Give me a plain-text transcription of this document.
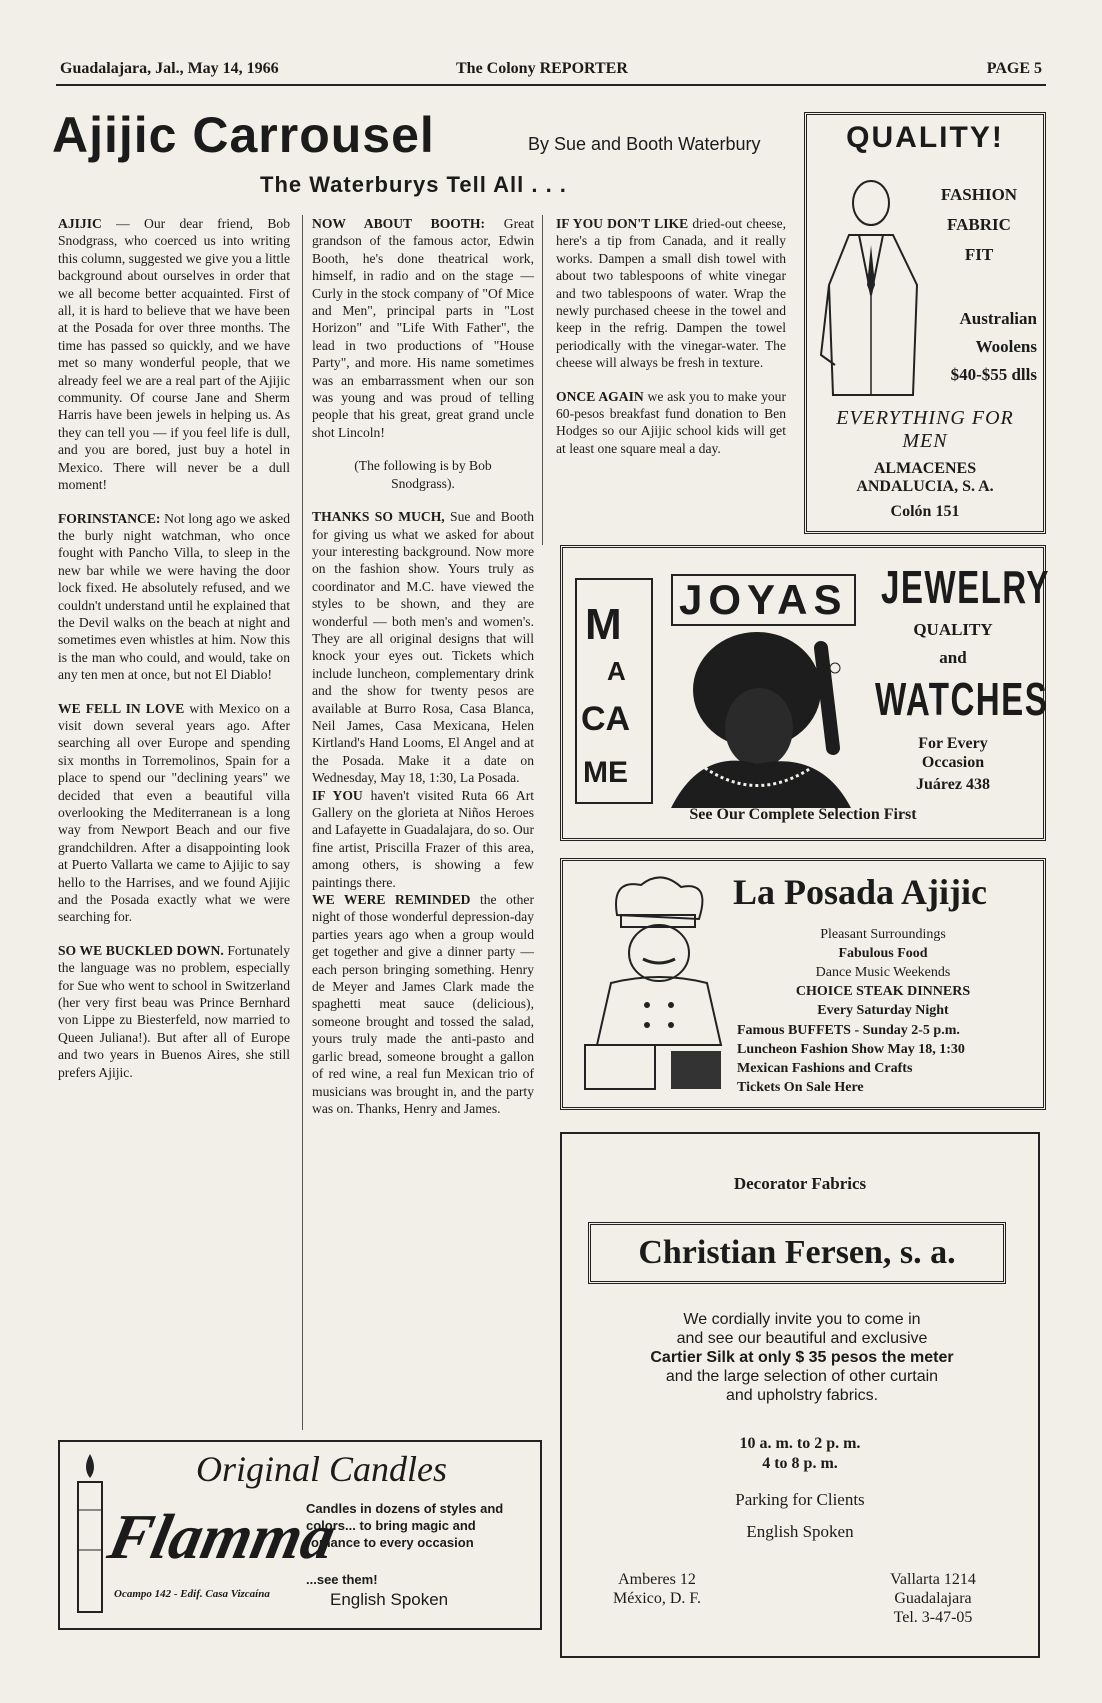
Guadalajara, Jal., May 14, 1966	The Colony REPORTER	PAGE 5
Ajijic Carrousel	By Sue and Booth Waterbury
The Waterburys Tell All . . .

AJIJIC — Our dear friend, Bob Snodgrass, who coerced us into writing this column, suggested we give you a little background about ourselves in order that we all become better acquainted. First of all, it is hard to believe that we have been at the Posada for over three months. The time has passed so quickly, and we have met so many wonderful people, that we already feel we are a real part of the Ajijic community. Of course Jane and Sherm Harris have been jewels in helping us. As they can tell you — if you feel life is dull, and you are bored, just buy a hotel in Mexico. There will never be a dull moment!

FORINSTANCE: Not long ago we asked the burly night watchman, who once fought with Pancho Villa, to sleep in the new bar while we were having the door lock fixed. He absolutely refused, and we couldn't understand until he explained that the Devil walks on the beach at night and sometimes even whistles at him. Now this is the man who could, and would, take on any ten men at once, but not El Diablo!

WE FELL IN LOVE with Mexico on a visit down several years ago. After searching all over Europe and spending six months in Torremolinos, Spain for a place to spend our "declining years" we decided that even a beautiful villa overlooking the Mediterranean is a long way from Newport Beach and our five grandchildren. After a disappointing look at Puerto Vallarta we came to Ajijic to say hello to the Harrises, and we found Ajijic and the Posada exactly what we were searching for.

SO WE BUCKLED DOWN. Fortunately the language was no problem, especially for Sue who went to school in Switzerland (her very first beau was Prince Bernhard von Lippe zu Biesterfeld, now married to Queen Juliana!). But after all of Europe and two years in Buenos Aires, she still prefers Ajijic.

NOW ABOUT BOOTH: Great grandson of the famous actor, Edwin Booth, he's done theatrical work, himself, in radio and on the stage — Curly in the stock company of "Of Mice and Men", principal parts in "Lost Horizon" and "Life With Father", the lead in two productions of "House Party", and more. His name sometimes was an embarrassment when our son was young and was proud of telling people that his great, great grand uncle shot Lincoln!

(The following is by Bob Snodgrass).

THANKS SO MUCH, Sue and Booth for giving us what we asked for about your interesting background. Now more on the fashion show. Yours truly as coordinator and M.C. have viewed the styles to be shown, and they are wonderful — both men's and women's. They are all original designs that will knock your eyes out. Tickets which include luncheon, complementary drink and the show for twenty pesos are available at Burro Rosa, Casa Blanca, Neil James, Casa Mexicana, Helen Kirtland's Hand Looms, El Angel and at the Posada. Make it a date on Wednesday, May 18, 1:30, La Posada.

IF YOU haven't visited Ruta 66 Art Gallery on the glorieta at Niños Heroes and Lafayette in Guadalajara, do so. Our fine artist, Priscilla Frazer of this area, among others, is showing a few paintings there.

WE WERE REMINDED the other night of those wonderful depression-day parties years ago when a group would get together and give a dinner party — each person bringing something. Henry de Meyer and James Clark made the spaghetti meat sauce (delicious), someone brought and tossed the salad, yours truly made the anti-pasto and garlic bread, someone brought a gallon of red wine, a real fun Mexican trio of musicians was brought in, and the party was on. Thanks, Henry and James.

IF YOU DON'T LIKE dried-out cheese, here's a tip from Canada, and it really works. Dampen a small dish towel with about two tablespoons of white vinegar and two tablespoons of water. Wrap the newly purchased cheese in the towel and keep in the refrig. Dampen the towel periodically with the vinegar-water. The cheese will always be fresh in texture.

ONCE AGAIN we ask you to make your 60-pesos breakfast fund donation to Ben Hodges so our Ajijic school kids will get at least one square meal a day.

QUALITY!
FASHION
FABRIC
FIT
Australian
Woolens
$40-$55 dlls
EVERYTHING FOR MEN
ALMACENES ANDALUCIA, S. A.
Colón 151
M
A
CA
ME
JOYAS JEWELRY
QUALITY
and
WATCHES
For Every Occasion
Juárez 438
See Our Complete Selection First
La Posada Ajijic
Pleasant Surroundings
Fabulous Food
Dance Music Weekends
CHOICE STEAK DINNERS
Every Saturday Night
Famous BUFFETS - Sunday 2-5 p.m.
Luncheon Fashion Show May 18, 1:30
Mexican Fashions and Crafts
Tickets On Sale Here
Decorator Fabrics
Christian Fersen, s. a.
We cordially invite you to come in
and see our beautiful and exclusive
Cartier Silk at only $ 35 pesos the meter
and the large selection of other curtain
and upholstry fabrics.
10 a. m. to 2 p. m.
4 to 8 p. m.
Parking for Clients
English Spoken
Amberes 12
México, D. F.
Vallarta 1214
Guadalajara
Tel. 3-47-05
Original Candles
Flamma
Ocampo 142 - Edif. Casa Vizcaína
Candles in dozens of styles and colors... to bring magic and romance to every occasion
...see them!
English Spoken
